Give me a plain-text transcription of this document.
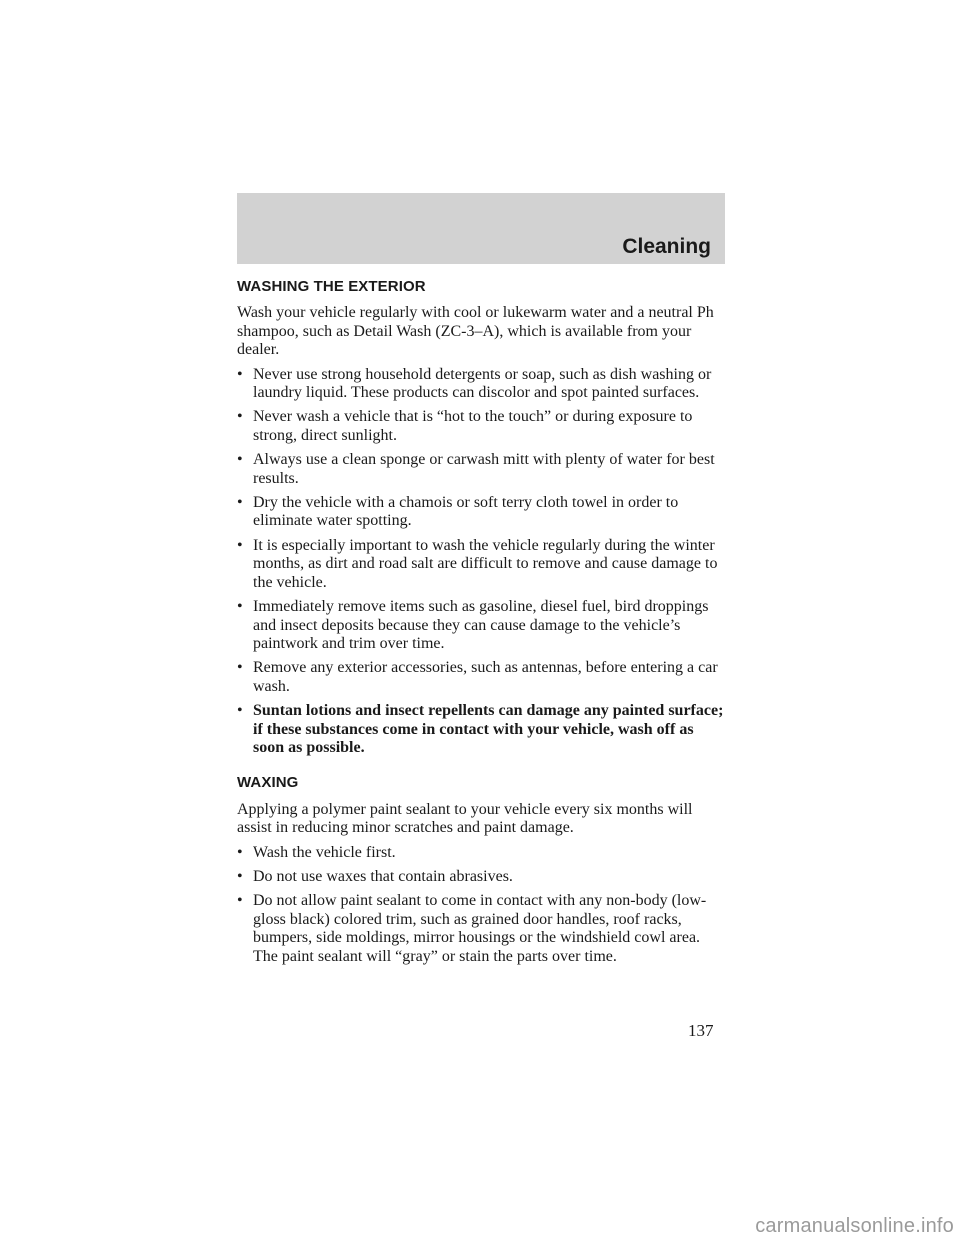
Cleaning
WASHING THE EXTERIOR

Wash your vehicle regularly with cool or lukewarm water and a neutral Ph shampoo, such as Detail Wash (ZC-3–A), which is available from your dealer.

• Never use strong household detergents or soap, such as dish washing or laundry liquid. These products can discolor and spot painted surfaces.
• Never wash a vehicle that is “hot to the touch” or during exposure to strong, direct sunlight.
• Always use a clean sponge or carwash mitt with plenty of water for best results.
• Dry the vehicle with a chamois or soft terry cloth towel in order to eliminate water spotting.
• It is especially important to wash the vehicle regularly during the winter months, as dirt and road salt are difficult to remove and cause damage to the vehicle.
• Immediately remove items such as gasoline, diesel fuel, bird droppings and insect deposits because they can cause damage to the vehicle’s paintwork and trim over time.
• Remove any exterior accessories, such as antennas, before entering a car wash.
• Suntan lotions and insect repellents can damage any painted surface; if these substances come in contact with your vehicle, wash off as soon as possible.
WAXING

Applying a polymer paint sealant to your vehicle every six months will assist in reducing minor scratches and paint damage.

• Wash the vehicle first.
• Do not use waxes that contain abrasives.
• Do not allow paint sealant to come in contact with any non-body (low-gloss black) colored trim, such as grained door handles, roof racks, bumpers, side moldings, mirror housings or the windshield cowl area. The paint sealant will “gray” or stain the parts over time.
137
carmanualsonline.info
